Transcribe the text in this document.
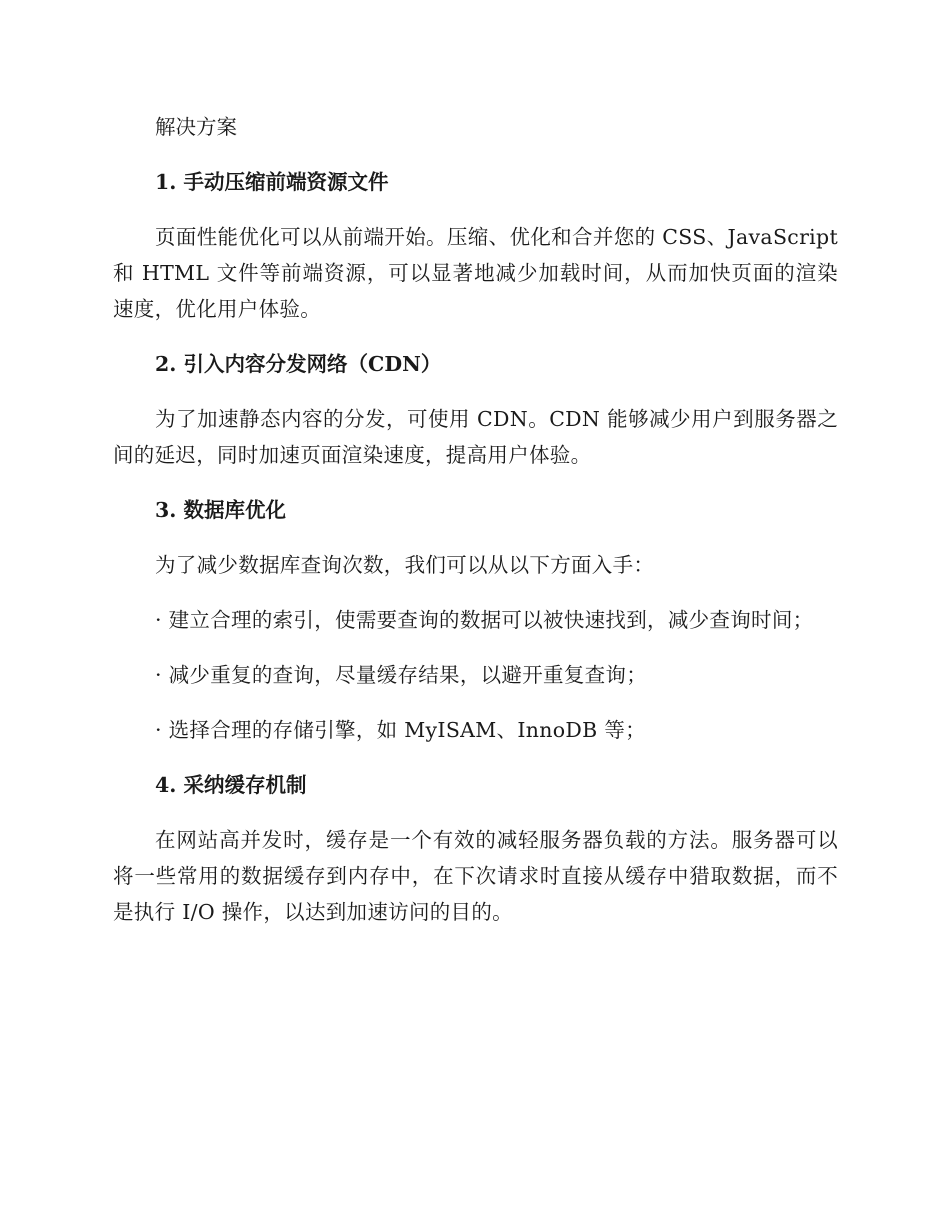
解决方案

1. 手动压缩前端资源文件

页面性能优化可以从前端开始。压缩、优化和合并您的 CSS、JavaScript 和 HTML 文件等前端资源，可以显著地减少加载时间，从而加快页面的渲染速度，优化用户体验。

2. 引入内容分发网络（CDN）

为了加速静态内容的分发，可使用 CDN。CDN 能够减少用户到服务器之间的延迟，同时加速页面渲染速度，提高用户体验。

3. 数据库优化

为了减少数据库查询次数，我们可以从以下方面入手：

· 建立合理的索引，使需要查询的数据可以被快速找到，减少查询时间；

· 减少重复的查询，尽量缓存结果，以避开重复查询；

· 选择合理的存储引擎，如 MyISAM、InnoDB 等；

4. 采纳缓存机制

在网站高并发时，缓存是一个有效的减轻服务器负载的方法。服务器可以将一些常用的数据缓存到内存中，在下次请求时直接从缓存中猎取数据，而不是执行 I/O 操作，以达到加速访问的目的。
